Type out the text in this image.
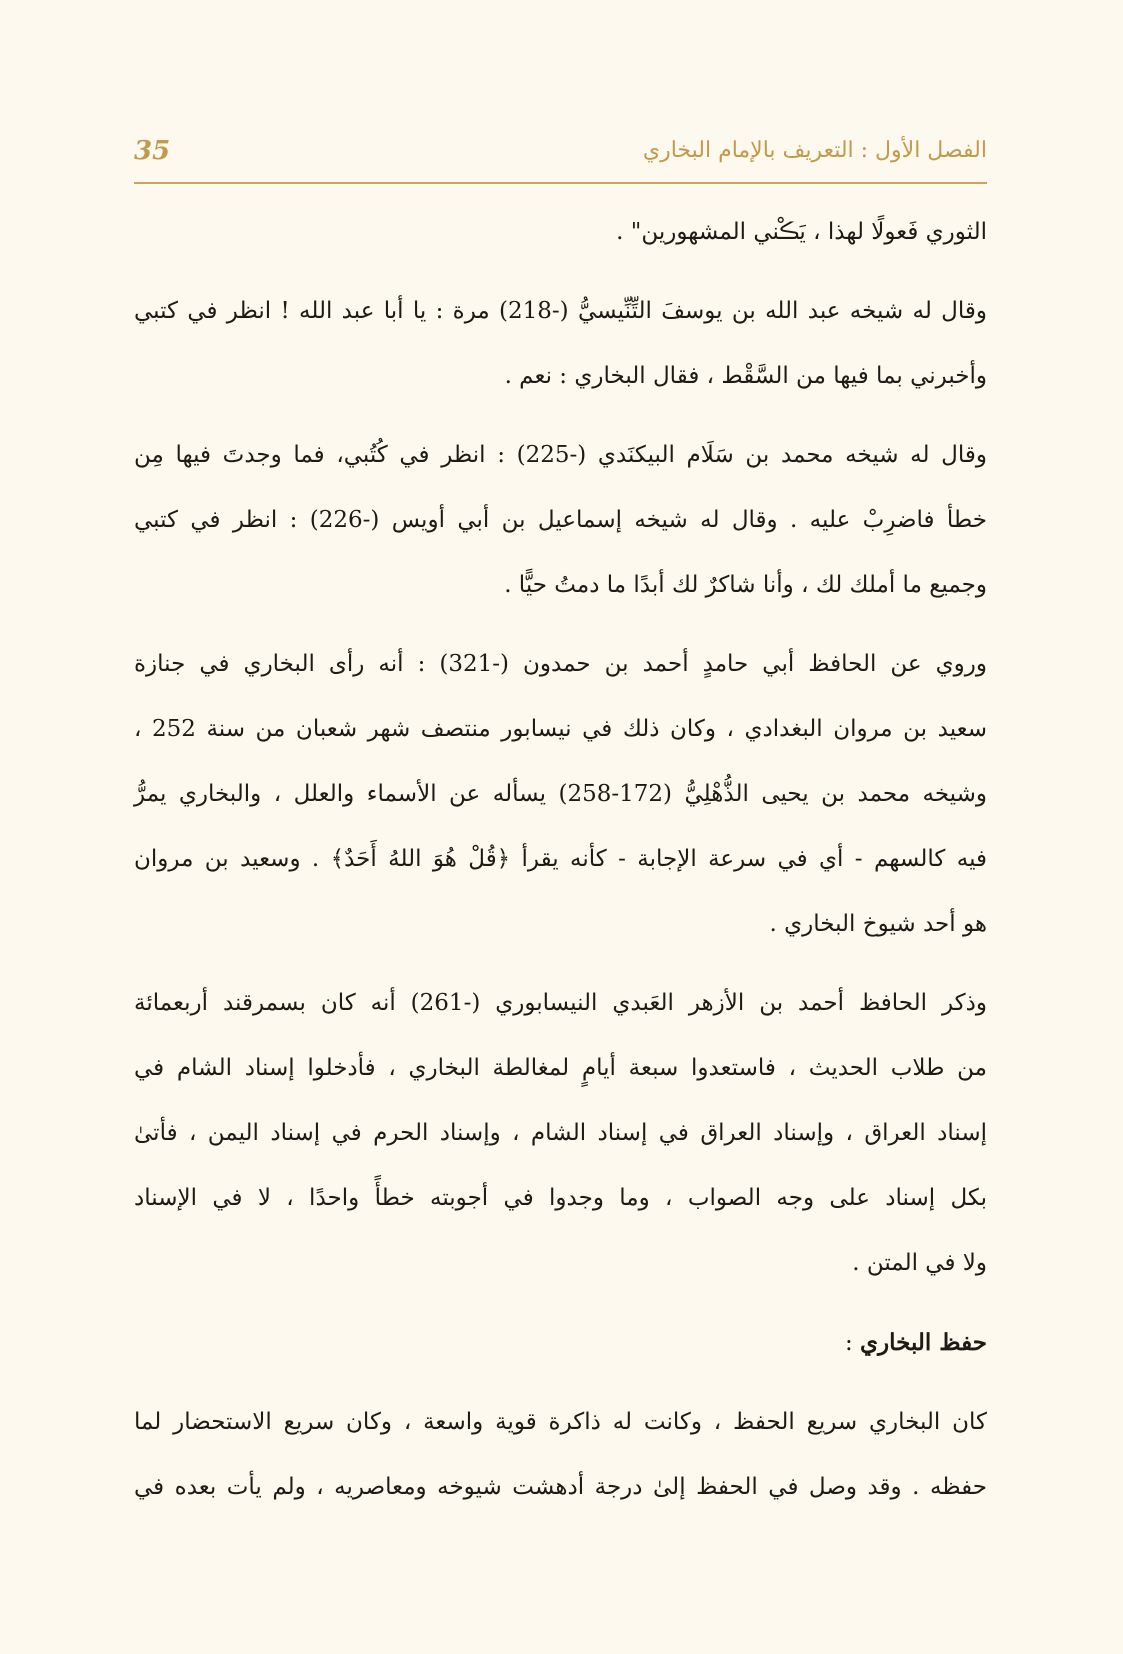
الفصل الأول : التعريف بالإمام البخاري
35
الثوري فَعولًا لهذا ، يَڪْني المشهورين" .
وقال له شيخه عبد الله بن يوسفَ التِّنِّيسيُّ (-218) مرة : يا أبا عبد الله ! انظر في كتبي
وأخبرني بما فيها من السَّقْط ، فقال البخاري : نعم .
وقال له شيخه محمد بن سَلَام البيكنَدي (-225) : انظر في كُتُبي، فما وجدتَ فيها مِن
خطأ فاضرِبْ عليه . وقال له شيخه إسماعيل بن أبي أويس (-226) : انظر في كتبي
وجميع ما أملك لك ، وأنا شاكرٌ لك أبدًا ما دمتُ حيًّا .
وروي عن الحافظ أبي حامدٍ أحمد بن حمدون (-321) : أنه رأى البخاري في جنازة
سعيد بن مروان البغدادي ، وكان ذلك في نيسابور منتصف شهر شعبان من سنة 252 ،
وشيخه محمد بن يحيى الذُّهْلِيُّ (172-258) يسأله عن الأسماء والعلل ، والبخاري يمرُّ
فيه كالسهم - أي في سرعة الإجابة - كأنه يقرأ ﴿قُلْ هُوَ اللهُ أَحَدٌ﴾ . وسعيد بن مروان
هو أحد شيوخ البخاري .
وذكر الحافظ أحمد بن الأزهر العَبدي النيسابوري (-261) أنه كان بسمرقند أربعمائة
من طلاب الحديث ، فاستعدوا سبعة أيامٍ لمغالطة البخاري ، فأدخلوا إسناد الشام في
إسناد العراق ، وإسناد العراق في إسناد الشام ، وإسناد الحرم في إسناد اليمن ، فأتىٰ
بكل إسناد على وجه الصواب ، وما وجدوا في أجوبته خطأً واحدًا ، لا في الإسناد
ولا في المتن .
حفظ البخاري :
كان البخاري سريع الحفظ ، وكانت له ذاكرة قوية واسعة ، وكان سريع الاستحضار لما
حفظه . وقد وصل في الحفظ إلىٰ درجة أدهشت شيوخه ومعاصريه ، ولم يأت بعده في
